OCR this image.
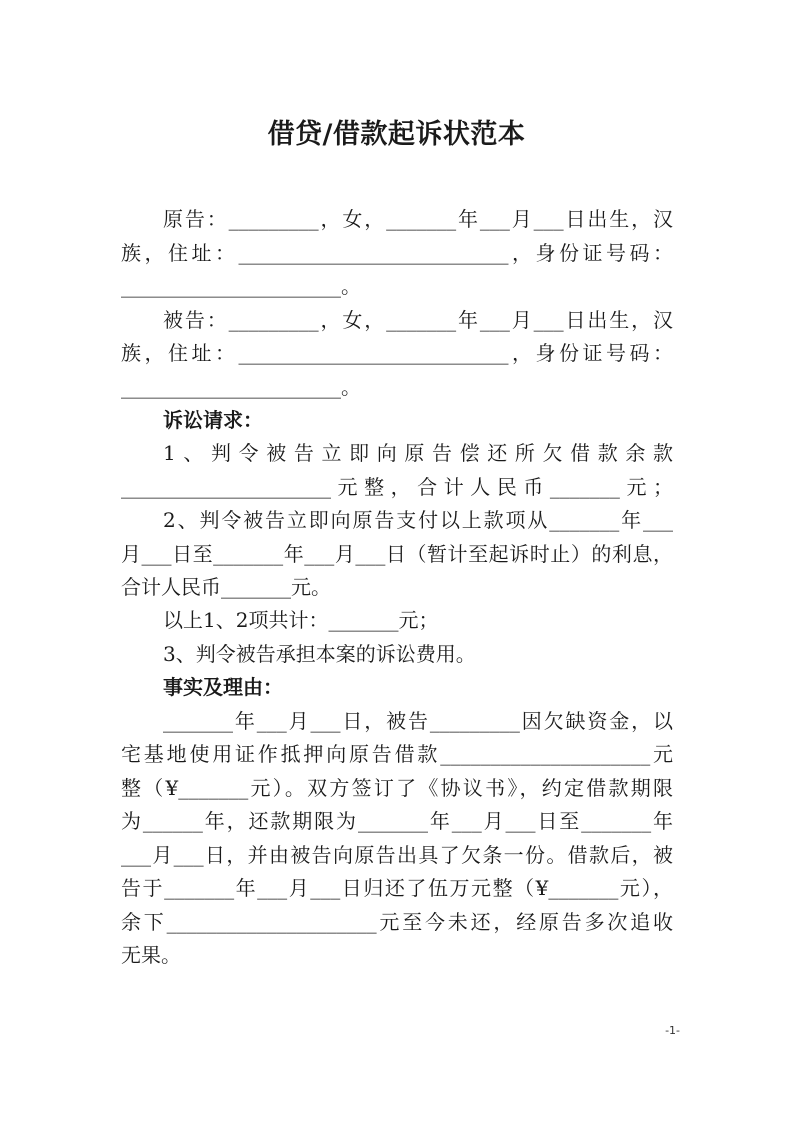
借贷/借款起诉状范本
原告：_________，女，_______年___月___日出生，汉
族，住址：___________________________，身份证号码：
______________________。
被告：_________，女，_______年___月___日出生，汉
族，住址：___________________________，身份证号码：
______________________。
诉讼请求：
1、判令被告立即向原告偿还所欠借款余款
_____________________元整，合计人民币_______元；
2、判令被告立即向原告支付以上款项从_______年___
月___日至_______年___月___日（暂计至起诉时止）的利息，
合计人民币_______元。
以上1、2项共计：_______元；
3、判令被告承担本案的诉讼费用。
事实及理由：
_______年___月___日，被告_________因欠缺资金，以
宅基地使用证作抵押向原告借款_____________________元
整（¥_______元）。双方签订了《协议书》，约定借款期限
为______年，还款期限为_______年___月___日至_______年
___月___日，并由被告向原告出具了欠条一份。借款后，被
告于_______年___月___日归还了伍万元整（¥_______元），
余下_____________________元至今未还，经原告多次追收
无果。
-1-
